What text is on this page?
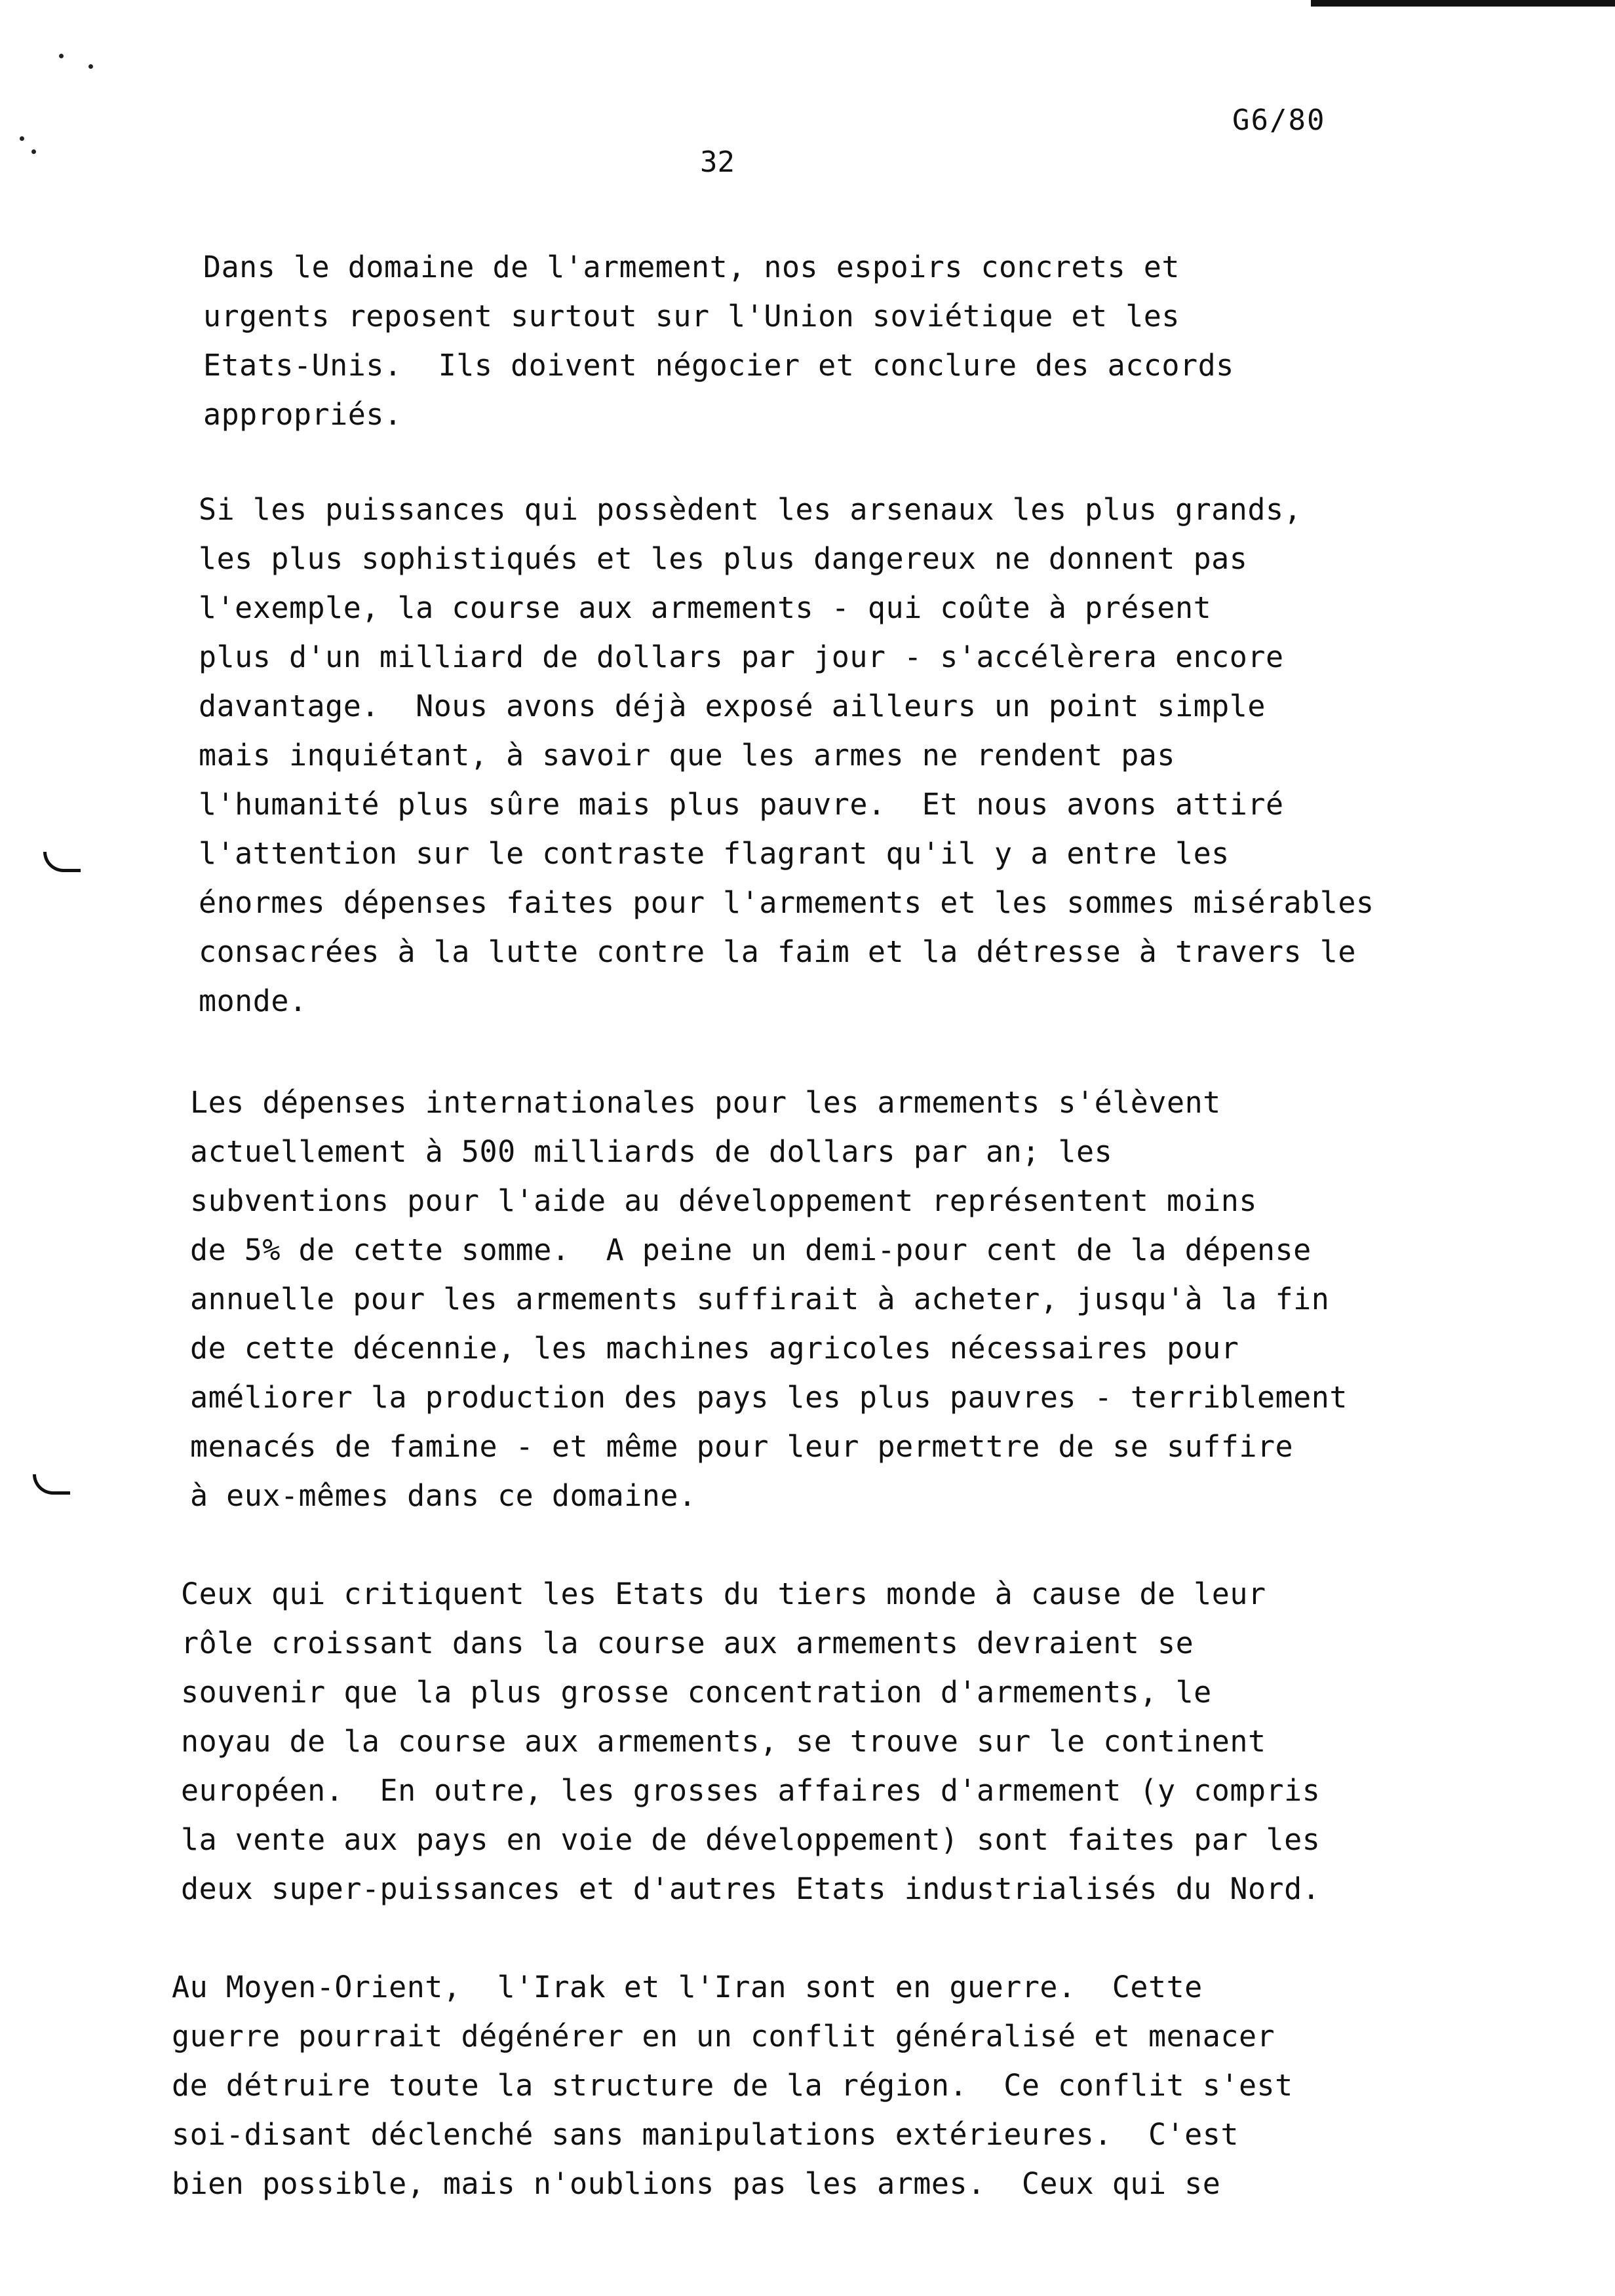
G6/80
32
Dans le domaine de l'armement, nos espoirs concrets et
urgents reposent surtout sur l'Union soviétique et les
Etats-Unis.  Ils doivent négocier et conclure des accords
appropriés.
Si les puissances qui possèdent les arsenaux les plus grands,
les plus sophistiqués et les plus dangereux ne donnent pas
l'exemple, la course aux armements - qui coûte à présent
plus d'un milliard de dollars par jour - s'accélèrera encore
davantage.  Nous avons déjà exposé ailleurs un point simple
mais inquiétant, à savoir que les armes ne rendent pas
l'humanité plus sûre mais plus pauvre.  Et nous avons attiré
l'attention sur le contraste flagrant qu'il y a entre les
énormes dépenses faites pour l'armements et les sommes misérables
consacrées à la lutte contre la faim et la détresse à travers le
monde.
Les dépenses internationales pour les armements s'élèvent
actuellement à 500 milliards de dollars par an; les
subventions pour l'aide au développement représentent moins
de 5% de cette somme.  A peine un demi-pour cent de la dépense
annuelle pour les armements suffirait à acheter, jusqu'à la fin
de cette décennie, les machines agricoles nécessaires pour
améliorer la production des pays les plus pauvres - terriblement
menacés de famine - et même pour leur permettre de se suffire
à eux-mêmes dans ce domaine.
Ceux qui critiquent les Etats du tiers monde à cause de leur
rôle croissant dans la course aux armements devraient se
souvenir que la plus grosse concentration d'armements, le
noyau de la course aux armements, se trouve sur le continent
européen.  En outre, les grosses affaires d'armement (y compris
la vente aux pays en voie de développement) sont faites par les
deux super-puissances et d'autres Etats industrialisés du Nord.
Au Moyen-Orient,  l'Irak et l'Iran sont en guerre.  Cette
guerre pourrait dégénérer en un conflit généralisé et menacer
de détruire toute la structure de la région.  Ce conflit s'est
soi-disant déclenché sans manipulations extérieures.  C'est
bien possible, mais n'oublions pas les armes.  Ceux qui se
